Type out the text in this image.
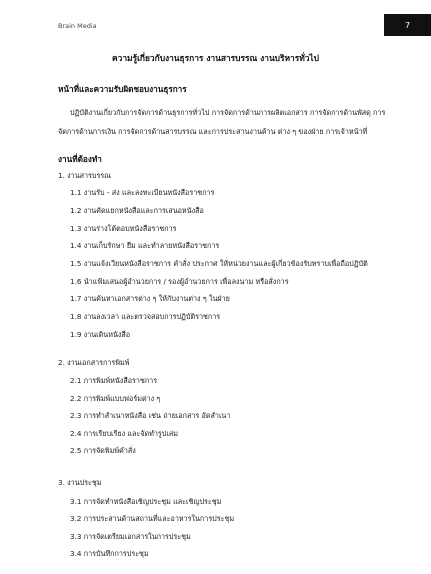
Brain Media	7
ความรู้เกี่ยวกับงานธุรการ งานสารบรรณ งานบริหารทั่วไป
หน้าที่และความรับผิดชอบงานธุรการ

ปฏิบัติงานเกี่ยวกับการจัดการด้านธุรการทั่วไป การจัดการด้านการผลิตเอกสาร การจัดการด้านพัสดุ การจัดการด้านการเงิน การจัดการด้านสารบรรณ และการประสานงานด้าน ต่าง ๆ ของฝ่าย การเจ้าหน้าที่

งานที่ต้องทำ
1. งานสารบรรณ
1.1 งานรับ - ส่ง และลงทะเบียนหนังสือราชการ
1.2 งานคัดแยกหนังสือและการเสนอหนังสือ
1.3 งานร่างโต้ตอบหนังสือราชการ
1.4 งานเก็บรักษา ยืม และทำลายหนังสือราชการ
1.5 งานแจ้งเวียนหนังสือราชการ คำสั่ง ประกาศ ให้หน่วยงานและผู้เกี่ยวข้องรับทราบเพื่อถือปฏิบัติ
1.6 นำแฟ้มเสนอผู้อำนวยการ / รองผู้อำนวยการ เพื่อลงนาม หรือสั่งการ
1.7 งานค้นหาเอกสารต่าง ๆ ให้กับงานต่าง ๆ ในฝ่าย
1.8 งานลงเวลา และตรวจสอบการปฏิบัติราชการ
1.9 งานเดินหนังสือ
2. งานเอกสารการพิมพ์
2.1 การพิมพ์หนังสือราชการ
2.2 การพิมพ์แบบฟอร์มต่าง ๆ
2.3 การทำสำเนาหนังสือ เช่น ถ่ายเอกสาร อัดสำเนา
2.4 การเรียบเรียง และจัดทำรูปเล่ม
2.5 การจัดพิมพ์คำสั่ง
3. งานประชุม
3.1 การจัดทำหนังสือเชิญประชุม และเชิญประชุม
3.2 การประสานด้านสถานที่และอาหารในการประชุม
3.3 การจัดเตรียมเอกสารในการประชุม
3.4 การบันทึกการประชุม
